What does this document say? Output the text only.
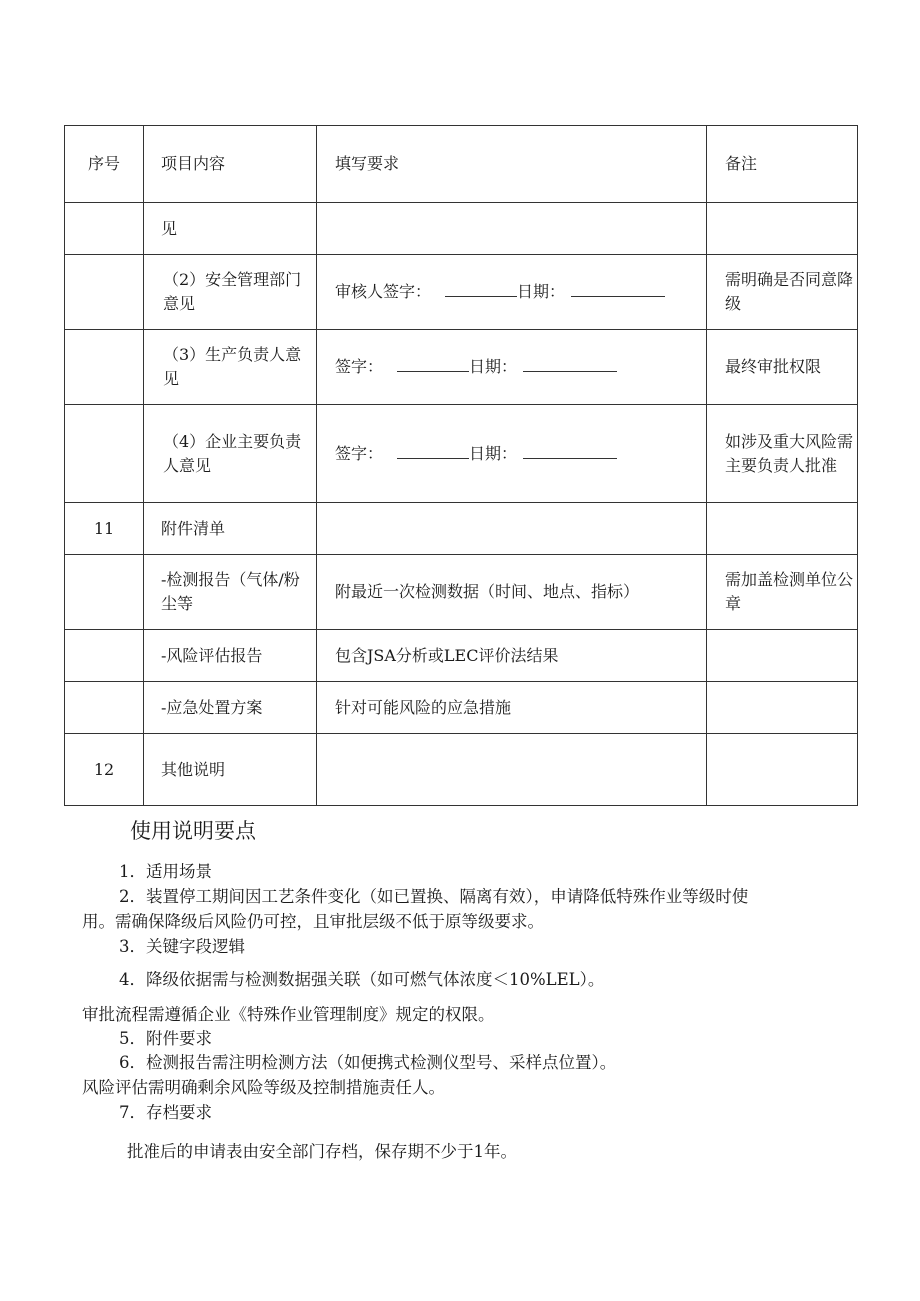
序号	项目内容	填写要求	备注
	见		
	（2）安全管理部门意见	审核人签字： 日期：	需明确是否同意降级
	（3）生产负责人意见	签字： 日期：	最终审批权限
	（4）企业主要负责人意见	签字： 日期：	如涉及重大风险需主要负责人批准
11	附件清单		
	-检测报告（气体/粉尘等	附最近一次检测数据（时间、地点、指标）	需加盖检测单位公章
	-风险评估报告	包含JSA分析或LEC评价法结果	
	-应急处置方案	针对可能风险的应急措施	
12	其他说明		
使用说明要点
1．适用场景
2．装置停工期间因工艺条件变化（如已置换、隔离有效），申请降低特殊作业等级时使
用。需确保降级后风险仍可控，且审批层级不低于原等级要求。
3．关键字段逻辑
4．降级依据需与检测数据强关联（如可燃气体浓度＜10%LEL）。
审批流程需遵循企业《特殊作业管理制度》规定的权限。
5．附件要求
6．检测报告需注明检测方法（如便携式检测仪型号、采样点位置）。
风险评估需明确剩余风险等级及控制措施责任人。
7．存档要求
批准后的申请表由安全部门存档，保存期不少于1年。
